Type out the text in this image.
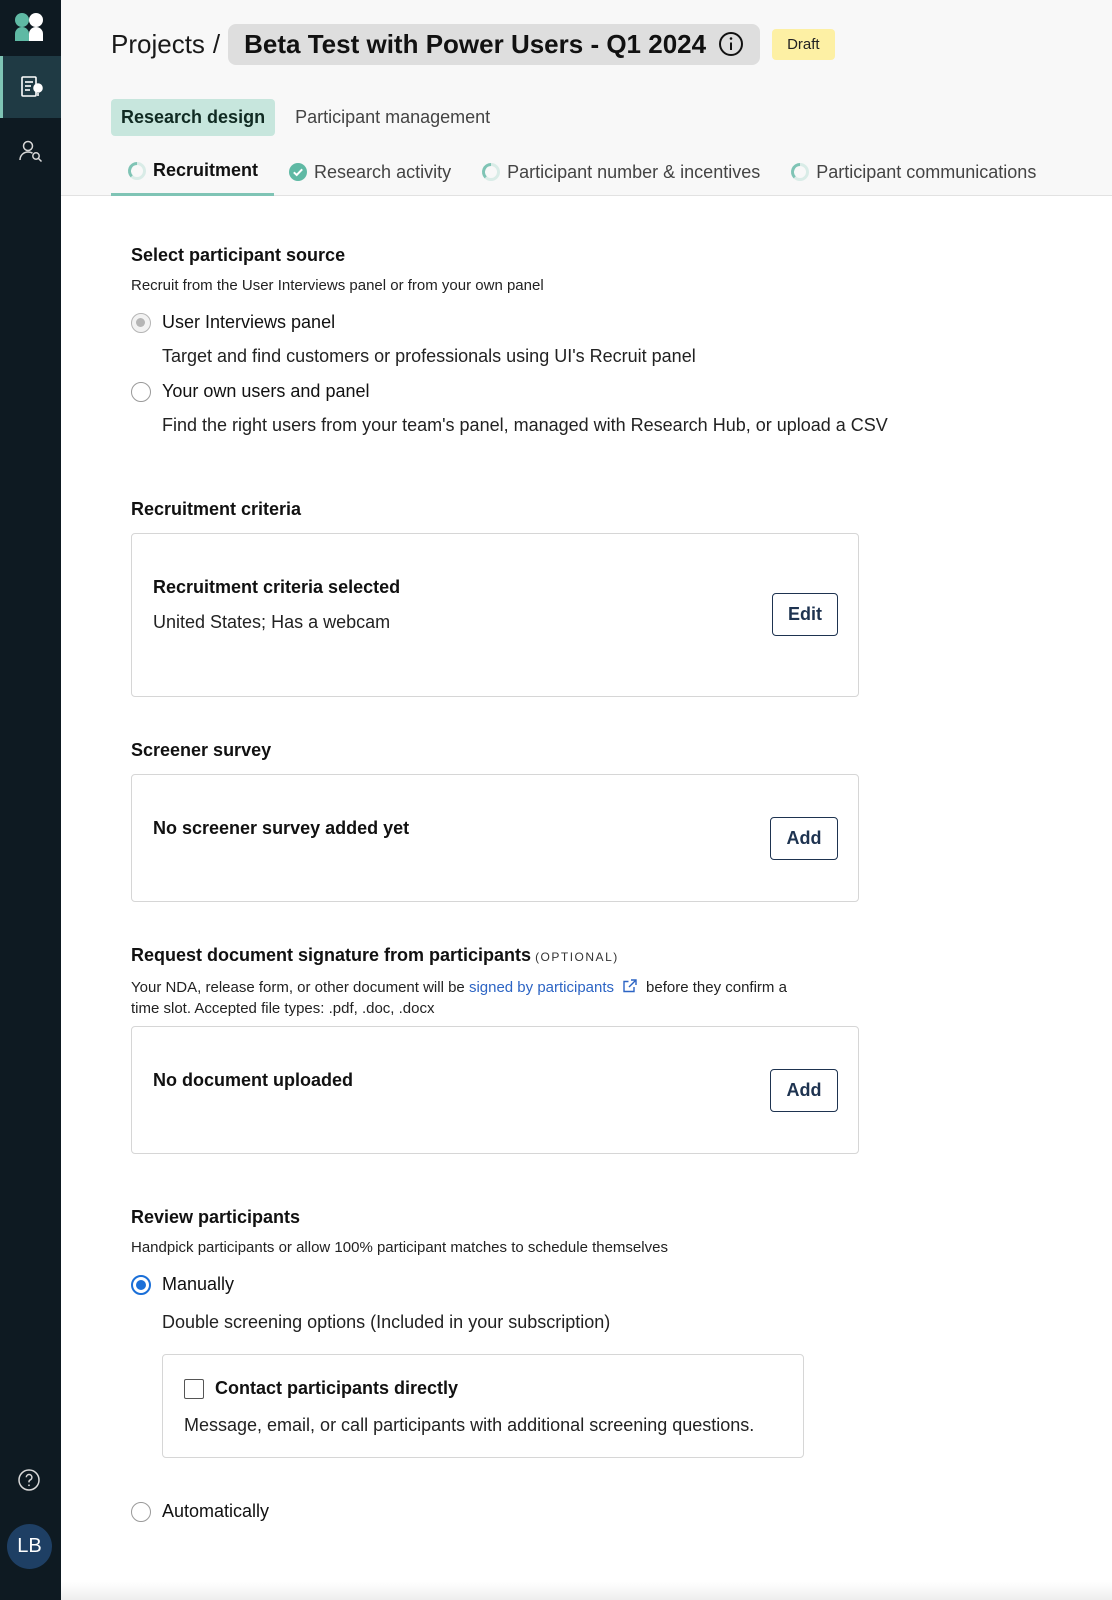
LB
Projects / Beta Test with Power Users - Q1 2024	Draft
Research design	Participant management
Recruitment	Research activity	Participant number & incentives	Participant communications
Select participant source
Recruit from the User Interviews panel or from your own panel
User Interviews panel
Target and find customers or professionals using UI's Recruit panel
Your own users and panel
Find the right users from your team's panel, managed with Research Hub, or upload a CSV
Recruitment criteria
Recruitment criteria selected
United States; Has a webcam	Edit
Screener survey
No screener survey added yet	Add
Request document signature from participants (OPTIONAL)
Your NDA, release form, or other document will be signed by participants before they confirm a
time slot. Accepted file types: .pdf, .doc, .docx
No document uploaded	Add
Review participants
Handpick participants or allow 100% participant matches to schedule themselves
Manually
Double screening options (Included in your subscription)
Contact participants directly
Message, email, or call participants with additional screening questions.
Automatically
